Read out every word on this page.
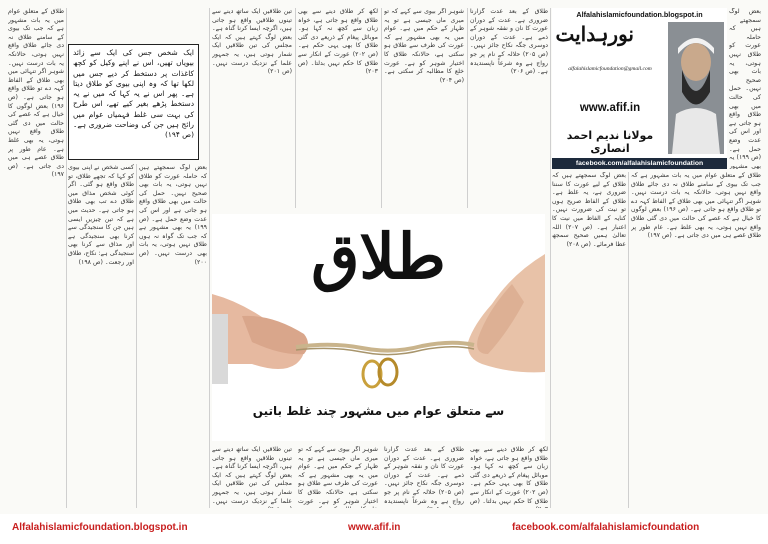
طلاق کے متعلق عوام میں یہ بات مشہور ہے کہ جب تک بیوی کے سامنے طلاق نہ دی جائے طلاق واقع نہیں ہوتی، حالانکہ یہ بات درست نہیں۔ شوہر اگر تنہائی میں بھی طلاق کے الفاظ کہہ دے تو طلاق واقع ہو جاتی ہے۔ (ص ۱۹۶) بعض لوگوں کا خیال ہے کہ غصے کی حالت میں دی گئی طلاق واقع نہیں ہوتی، یہ بھی غلط ہے۔ عام طور پر طلاق غصے ہی میں دی جاتی ہے۔ (ص ۱۹۷)

کسی شخص نے اپنی بیوی کو کہا کہ تجھے طلاق، تو طلاق واقع ہو گئی۔ اگر کوئی شخص مذاق میں طلاق دے تب بھی طلاق ہو جاتی ہے۔ حدیث میں ہے کہ تین چیزیں ایسی ہیں جن کا سنجیدگی سے کرنا بھی سنجیدگی ہے اور مذاق سے کرنا بھی سنجیدگی ہے: نکاح، طلاق اور رجعت۔ (ص ۱۹۸)

بعض لوگ سمجھتے ہیں کہ حاملہ عورت کو طلاق نہیں ہوتی، یہ بات بھی صحیح نہیں۔ حمل کی حالت میں بھی طلاق واقع ہو جاتی ہے اور اس کی عدت وضع حمل ہے۔ (ص ۱۹۹) یہ بھی مشہور ہے کہ جب تک گواہ نہ ہوں طلاق نہیں ہوتی، یہ بات بھی درست نہیں۔ (ص ۲۰۰)

تین طلاقیں ایک ساتھ دینے سے تینوں طلاقیں واقع ہو جاتی ہیں، اگرچہ ایسا کرنا گناہ ہے۔ بعض لوگ کہتے ہیں کہ ایک مجلس کی تین طلاقیں ایک شمار ہوتی ہیں، یہ جمہور علما کے نزدیک درست نہیں۔ (ص ۲۰۱)

لکھ کر طلاق دینے سے بھی طلاق واقع ہو جاتی ہے، خواہ زبان سے کچھ نہ کہا ہو۔ موبائل پیغام کے ذریعے دی گئی طلاق کا بھی یہی حکم ہے۔ (ص ۲۰۲) عورت کے انکار سے طلاق کا حکم نہیں بدلتا۔ (ص ۲۰۳)

شوہر اگر بیوی سے کہے کہ تو میری ماں جیسی ہے تو یہ ظہار کے حکم میں ہے۔ عوام میں یہ بھی مشہور ہے کہ عورت کی طرف سے طلاق ہو سکتی ہے، حالانکہ طلاق کا اختیار شوہر کو ہے۔ عورت خلع کا مطالبہ کر سکتی ہے۔ (ص ۲۰۴)

طلاق کے بعد عدت گزارنا ضروری ہے۔ عدت کے دوران عورت کا نان و نفقہ شوہر کے ذمے ہے۔ عدت کے دوران دوسری جگہ نکاح جائز نہیں۔ (ص ۲۰۵) حلالہ کے نام پر جو رواج ہے وہ شرعاً ناپسندیدہ ہے۔ (ص ۲۰۶)

بعض لوگ سمجھتے ہیں کہ طلاق کے لیے عورت کا سننا ضروری ہے، یہ غلط ہے۔ طلاق کے الفاظ صریح ہوں تو نیت کی ضرورت نہیں۔ کنایہ کے الفاظ میں نیت کا اعتبار ہے۔ (ص ۲۰۷) اللہ تعالیٰ ہمیں صحیح سمجھ عطا فرمائے۔ (ص ۲۰۸)

طلاق کے متعلق عوام میں یہ بات مشہور ہے کہ جب تک بیوی کے سامنے طلاق نہ دی جائے طلاق واقع نہیں ہوتی، حالانکہ یہ بات درست نہیں۔ شوہر اگر تنہائی میں بھی طلاق کے الفاظ کہہ دے تو طلاق واقع ہو جاتی ہے۔ (ص ۱۹۶) بعض لوگوں کا خیال ہے کہ غصے کی حالت میں دی گئی طلاق واقع نہیں ہوتی، یہ بھی غلط ہے۔ عام طور پر طلاق غصے ہی میں دی جاتی ہے۔ (ص ۱۹۷)

بعض لوگ سمجھتے ہیں کہ حاملہ عورت کو طلاق نہیں ہوتی، یہ بات بھی صحیح نہیں۔ حمل کی حالت میں بھی طلاق واقع ہو جاتی ہے اور اس کی عدت وضع حمل ہے۔ (ص ۱۹۹) یہ بھی مشہور

تین طلاقیں ایک ساتھ دینے سے تینوں طلاقیں واقع ہو جاتی ہیں، اگرچہ ایسا کرنا گناہ ہے۔ بعض لوگ کہتے ہیں کہ ایک مجلس کی تین طلاقیں ایک شمار ہوتی ہیں، یہ جمہور علما کے نزدیک درست نہیں۔

شوہر اگر بیوی سے کہے کہ تو میری ماں جیسی ہے تو یہ ظہار کے حکم میں ہے۔ عوام میں یہ بھی مشہور ہے کہ عورت کی طرف سے طلاق ہو سکتی ہے، حالانکہ طلاق کا اختیار شوہر کو ہے۔ عورت

طلاق کے بعد عدت گزارنا ضروری ہے۔ عدت کے دوران عورت کا نان و نفقہ شوہر کے ذمے ہے۔ عدت کے دوران دوسری جگہ نکاح جائز نہیں۔ (ص ۲۰۵) حلالہ کے نام پر جو رواج ہے وہ شرعاً ناپسندیدہ

لکھ کر طلاق دینے سے بھی طلاق واقع ہو جاتی ہے، خواہ زبان سے کچھ نہ کہا ہو۔ موبائل پیغام کے ذریعے دی گئی طلاق کا بھی یہی حکم ہے۔ (ص ۲۰۲) عورت کے انکار سے طلاق کا حکم نہیں بدلتا۔ (ص

ایک شخص جس کی ایک سے زائد بیویاں تھیں، اس نے اپنے وکیل کو کچھ کاغذات پر دستخط کر دیے جس میں لکھا تھا کہ وہ اپنی بیوی کو طلاق دیتا ہے۔ پھر اس نے یہ کہا کہ میں نے یہ دستخط پڑھے بغیر کیے تھے، اس طرح کی بہت سی غلط فہمیاں عوام میں رائج ہیں جن کی وضاحت ضروری ہے۔ (ص ۱۹۴)
Alfalahislamicfoundation.blogspot.in
نورہدایت
alfalahislamicfoundation@gmail.com
www.afif.in
مولانا ندیم احمد انصاری
facebook.com/alfalahislamicfoundation
طلاق
سے متعلق عوام میں مشہور چند غلط باتیں
Alfalahislamicfoundation.blogspot.in	www.afif.in	facebook.com/alfalahislamicfoundation
